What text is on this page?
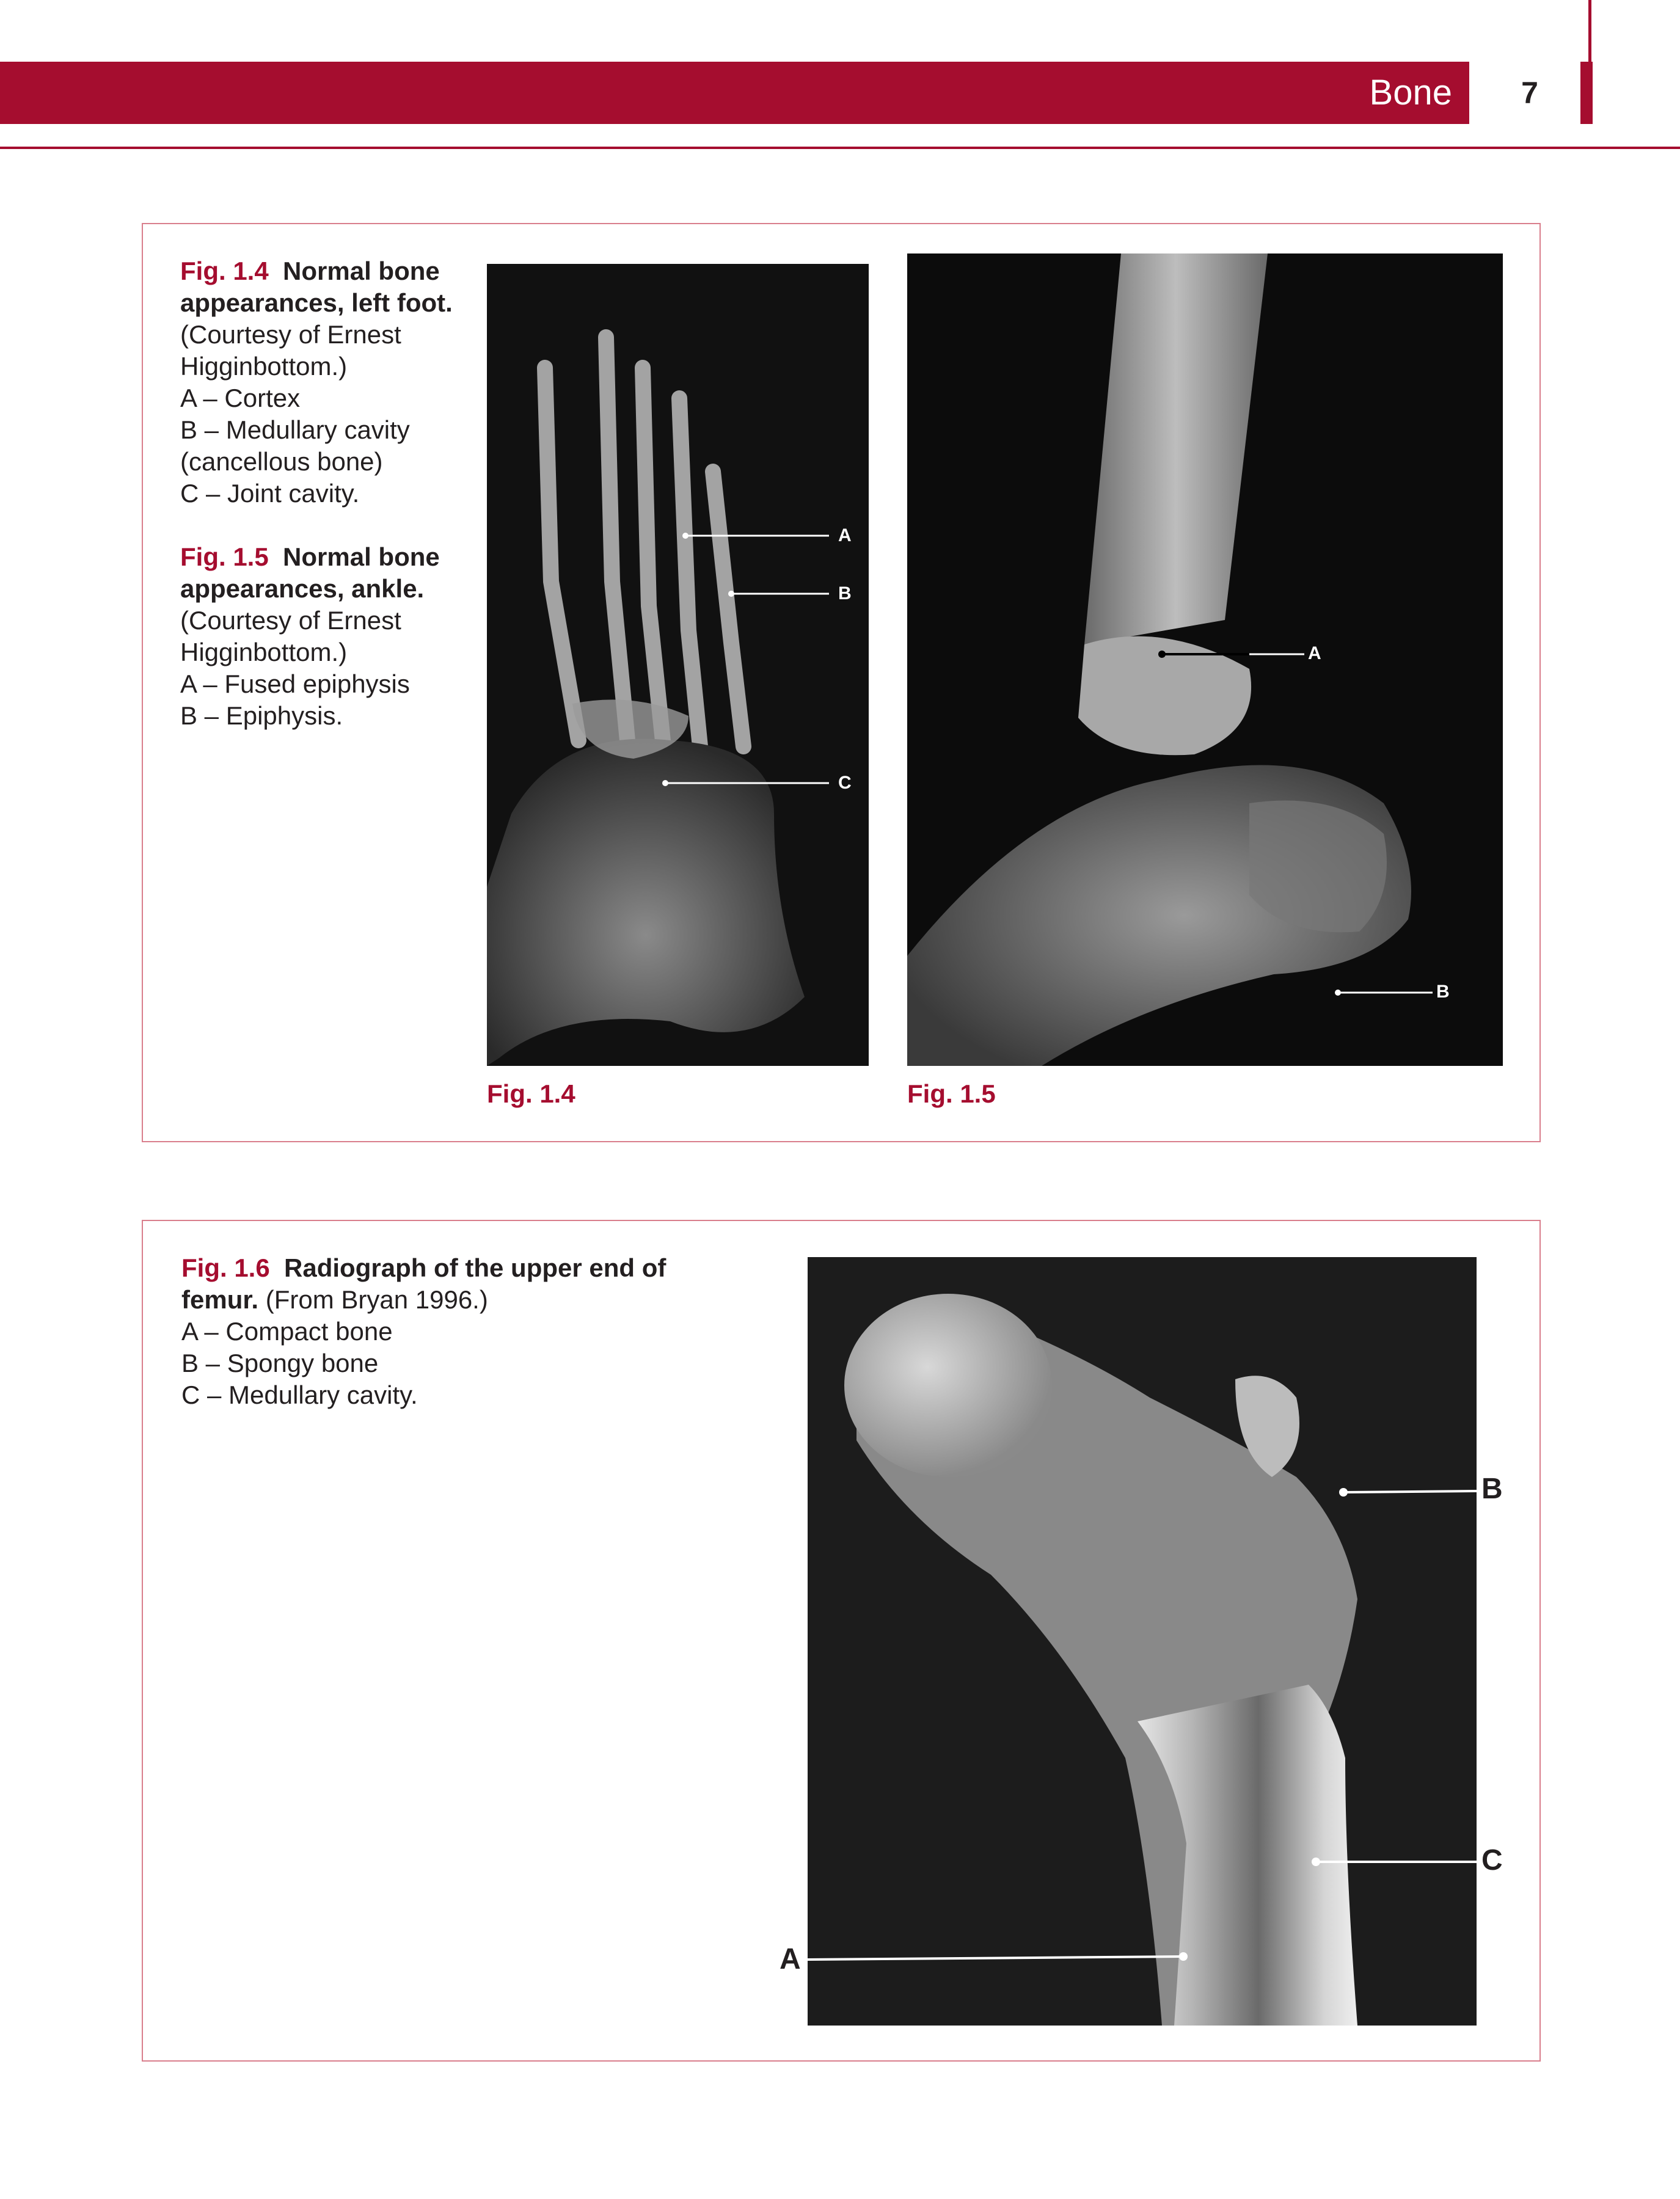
Bone	7

Fig. 1.4 Normal bone appearances, left foot. (Courtesy of Ernest Higginbottom.)

A – Cortex

B – Medullary cavity (cancellous bone)

C – Joint cavity.

Fig. 1.5 Normal bone appearances, ankle. (Courtesy of Ernest Higginbottom.)

A – Fused epiphysis

B – Epiphysis.

A
B
C
Fig. 1.4
A
B
Fig. 1.5

Fig. 1.6 Radiograph of the upper end of femur. (From Bryan 1996.)

A – Compact bone

B – Spongy bone

C – Medullary cavity.

B
C
A
